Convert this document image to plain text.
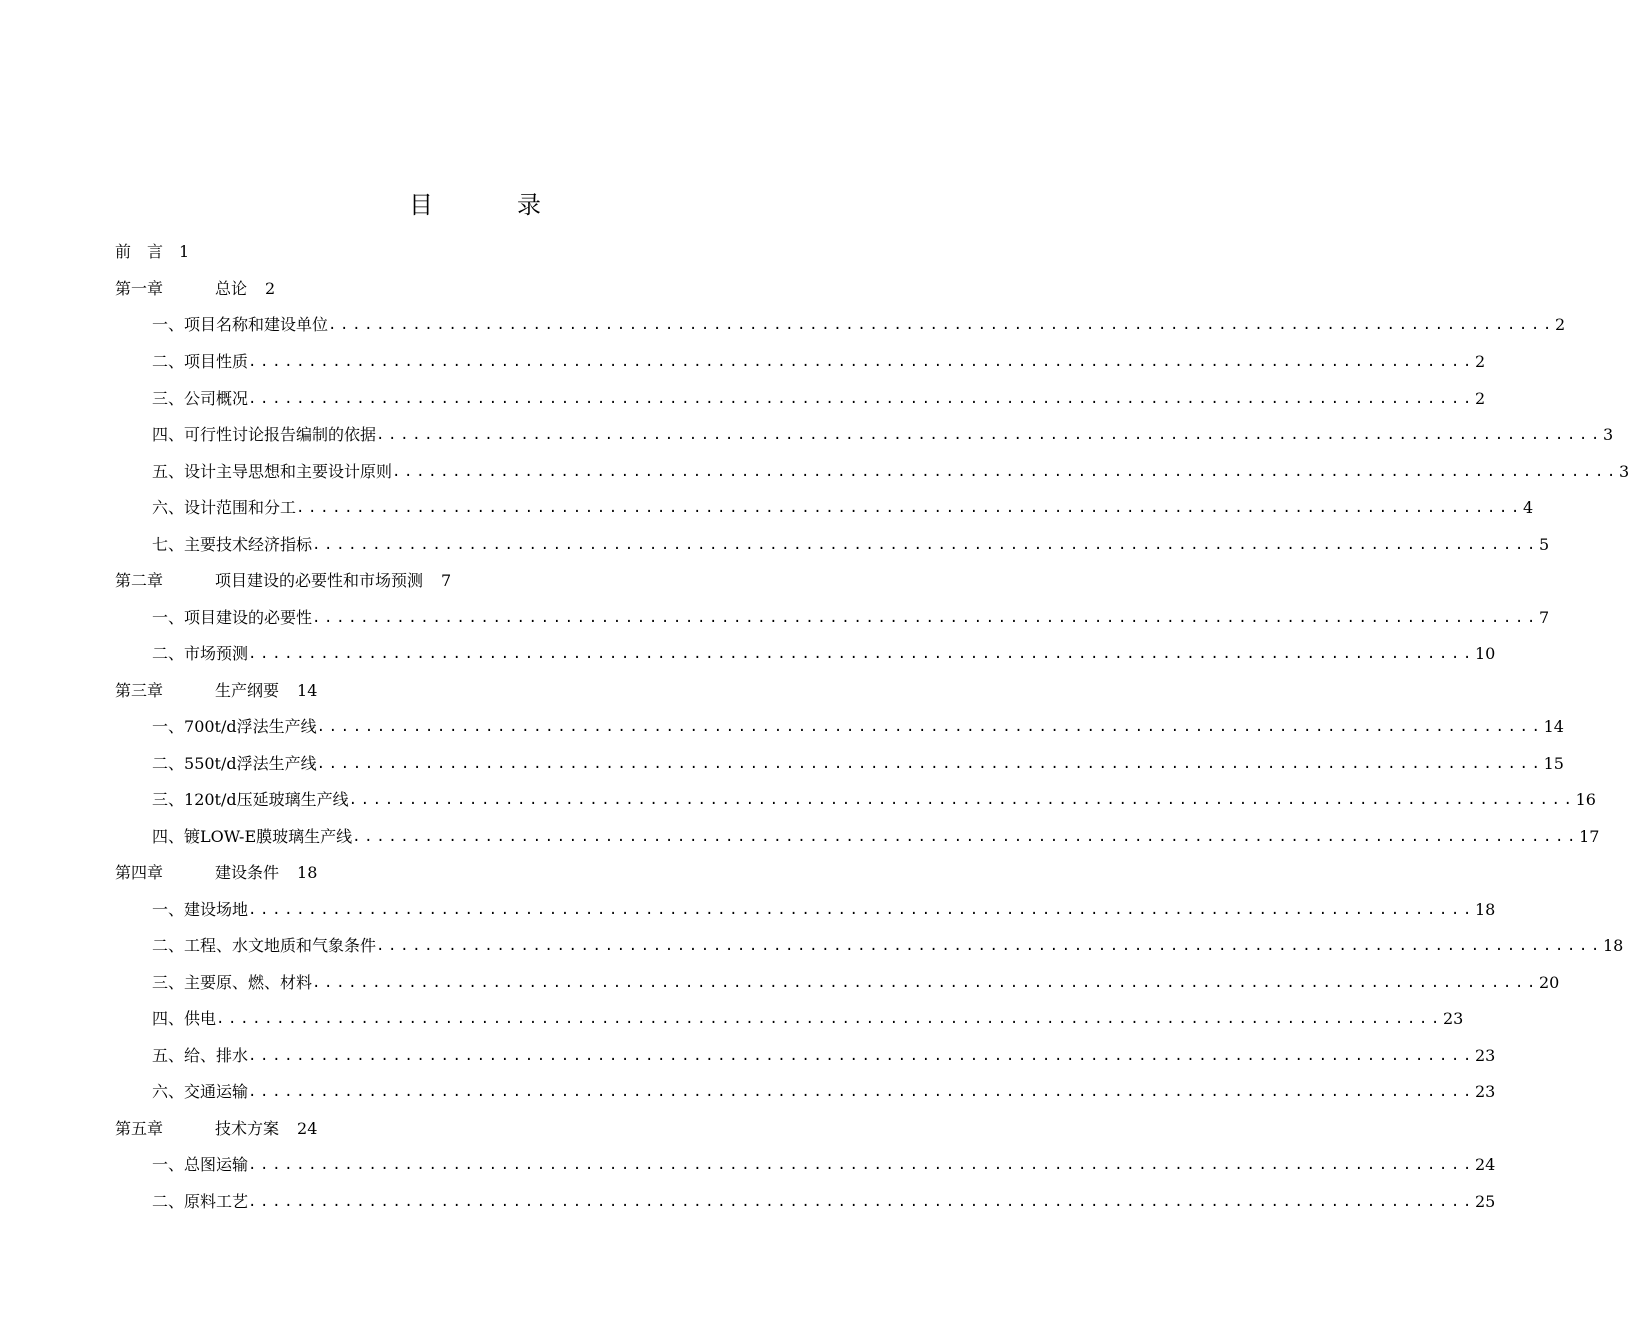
目　录
前言1
第一章	总论 2
一、 项目名称和建设单位 ...................................................................................................... 2
二、 项目性质 ...................................................................................................... 2
三、 公司概况 ...................................................................................................... 2
四、 可行性讨论报告编制的依据 ...................................................................................................... 3
五、 设计主导思想和主要设计原则 ...................................................................................................... 3
六、 设计范围和分工 ...................................................................................................... 4
七、 主要技术经济指标 ...................................................................................................... 5
第二章	项目建设的必要性和市场预测 7
一、 项目建设的必要性 ...................................................................................................... 7
二、 市场预测 ...................................................................................................... 10
第三章	生产纲要 14
一、 700t/d浮法生产线 ...................................................................................................... 14
二、 550t/d浮法生产线 ...................................................................................................... 15
三、 120t/d压延玻璃生产线 ...................................................................................................... 16
四、 镀LOW-E膜玻璃生产线 ...................................................................................................... 17
第四章	建设条件 18
一、 建设场地 ...................................................................................................... 18
二、 工程、水文地质和气象条件 ...................................................................................................... 18
三、 主要原、燃、材料 ...................................................................................................... 20
四、 供电 ...................................................................................................... 23
五、 给、排水 ...................................................................................................... 23
六、 交通运输 ...................................................................................................... 23
第五章	技术方案 24
一、 总图运输 ...................................................................................................... 24
二、 原料工艺 ...................................................................................................... 25
